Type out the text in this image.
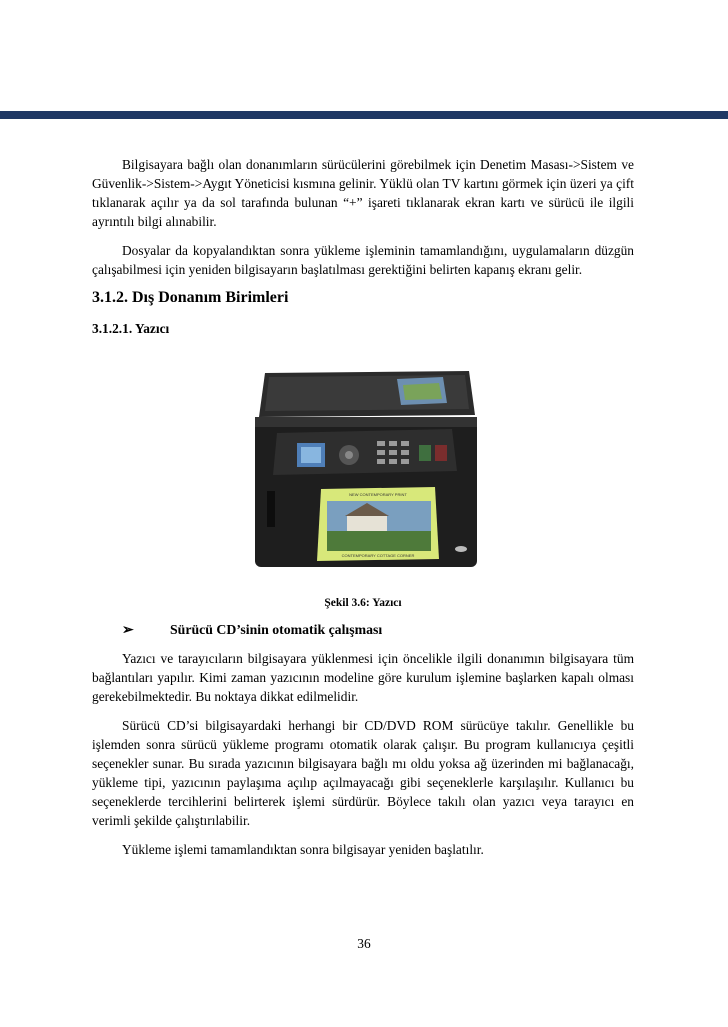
Bilgisayara bağlı olan donanımların sürücülerini görebilmek için Denetim Masası->Sistem ve Güvenlik->Sistem->Aygıt Yöneticisi kısmına gelinir. Yüklü olan TV kartını görmek için üzeri ya çift tıklanarak açılır ya da sol tarafında bulunan “+” işareti tıklanarak ekran kartı ve sürücü ile ilgili ayrıntılı bilgi alınabilir.

Dosyalar da kopyalandıktan sonra yükleme işleminin tamamlandığını, uygulamaların düzgün çalışabilmesi için yeniden bilgisayarın başlatılması gerektiğini belirten kapanış ekranı gelir.

3.1.2. Dış Donanım Birimleri
3.1.2.1. Yazıcı
NEW CONTEMPORARY PRINT
CONTEMPORARY COTTAGE CORNER
Şekil 3.6: Yazıcı
➢	Sürücü CD’sinin otomatik çalışması

Yazıcı ve tarayıcıların bilgisayara yüklenmesi için öncelikle ilgili donanımın bilgisayara tüm bağlantıları yapılır. Kimi zaman yazıcının modeline göre kurulum işlemine başlarken kapalı olması gerekebilmektedir. Bu noktaya dikkat edilmelidir.

Sürücü CD’si bilgisayardaki herhangi bir CD/DVD ROM sürücüye takılır. Genellikle bu işlemden sonra sürücü yükleme programı otomatik olarak çalışır. Bu program kullanıcıya çeşitli seçenekler sunar. Bu sırada yazıcının bilgisayara bağlı mı oldu yoksa ağ üzerinden mi bağlanacağı, yükleme tipi, yazıcının paylaşıma açılıp açılmayacağı gibi seçeneklerle karşılaşılır. Kullanıcı bu seçeneklerde tercihlerini belirterek işlemi sürdürür. Böylece takılı olan yazıcı veya tarayıcı en verimli şekilde çalıştırılabilir.

Yükleme işlemi tamamlandıktan sonra bilgisayar yeniden başlatılır.

36
